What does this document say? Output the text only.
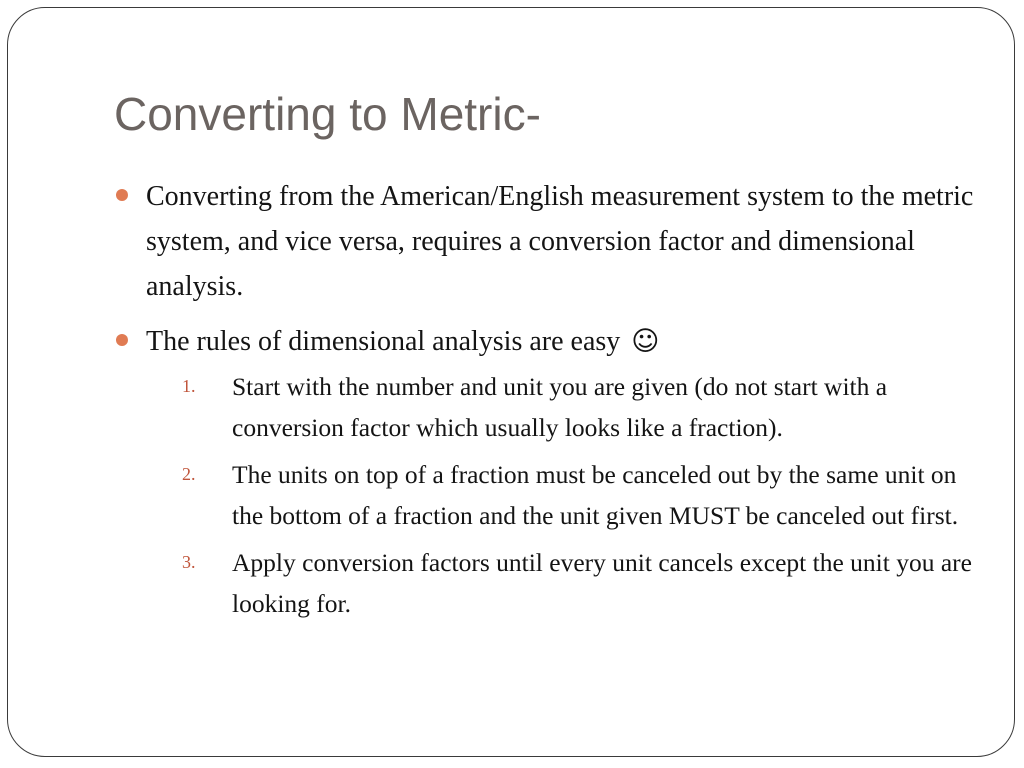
Converting to Metric-
Converting from the American/English measurement system to the metric system, and vice versa, requires a conversion factor and dimensional analysis.
The rules of dimensional analysis are easy ☺
1. Start with the number and unit you are given (do not start with a conversion factor which usually looks like a fraction).
2. The units on top of a fraction must be canceled out by the same unit on the bottom of a fraction and the unit given MUST be canceled out first.
3. Apply conversion factors until every unit cancels except the unit you are looking for.
